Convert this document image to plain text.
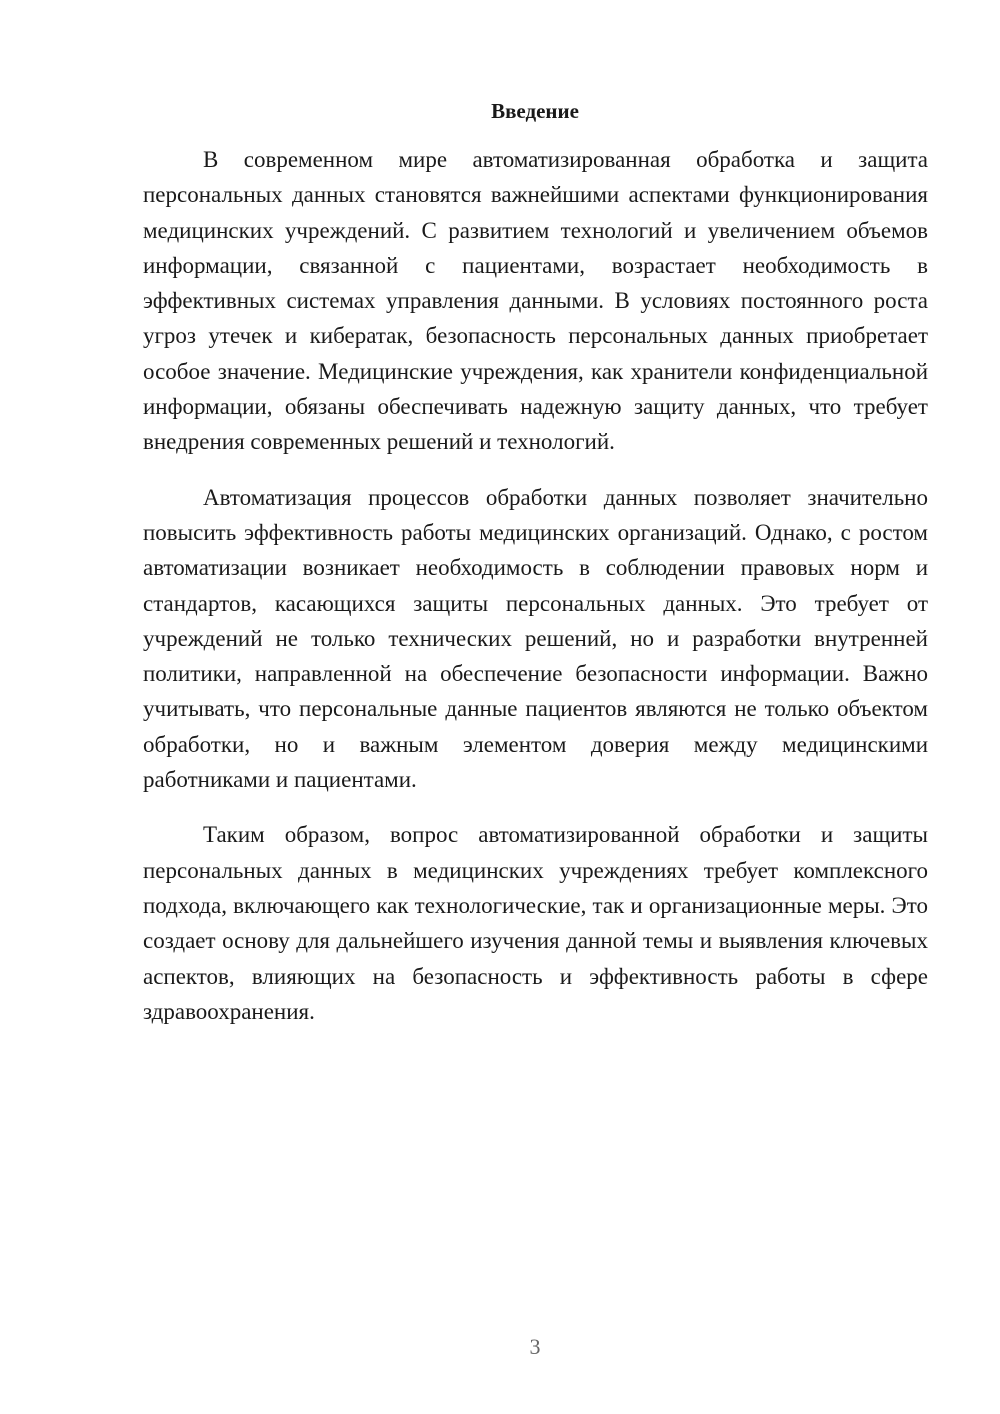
Введение

В современном мире автоматизированная обработка и защита персональных данных становятся важнейшими аспектами функционирования медицинских учреждений. С развитием технологий и увеличением объемов информации, связанной с пациентами, возрастает необходимость в эффективных системах управления данными. В условиях постоянного роста угроз утечек и кибератак, безопасность персональных данных приобретает особое значение. Медицинские учреждения, как хранители конфиденциальной информации, обязаны обеспечивать надежную защиту данных, что требует внедрения современных решений и технологий.

Автоматизация процессов обработки данных позволяет значительно повысить эффективность работы медицинских организаций. Однако, с ростом автоматизации возникает необходимость в соблюдении правовых норм и стандартов, касающихся защиты персональных данных. Это требует от учреждений не только технических решений, но и разработки внутренней политики, направленной на обеспечение безопасности информации. Важно учитывать, что персональные данные пациентов являются не только объектом обработки, но и важным элементом доверия между медицинскими работниками и пациентами.

Таким образом, вопрос автоматизированной обработки и защиты персональных данных в медицинских учреждениях требует комплексного подхода, включающего как технологические, так и организационные меры. Это создает основу для дальнейшего изучения данной темы и выявления ключевых аспектов, влияющих на безопасность и эффективность работы в сфере здравоохранения.

3
